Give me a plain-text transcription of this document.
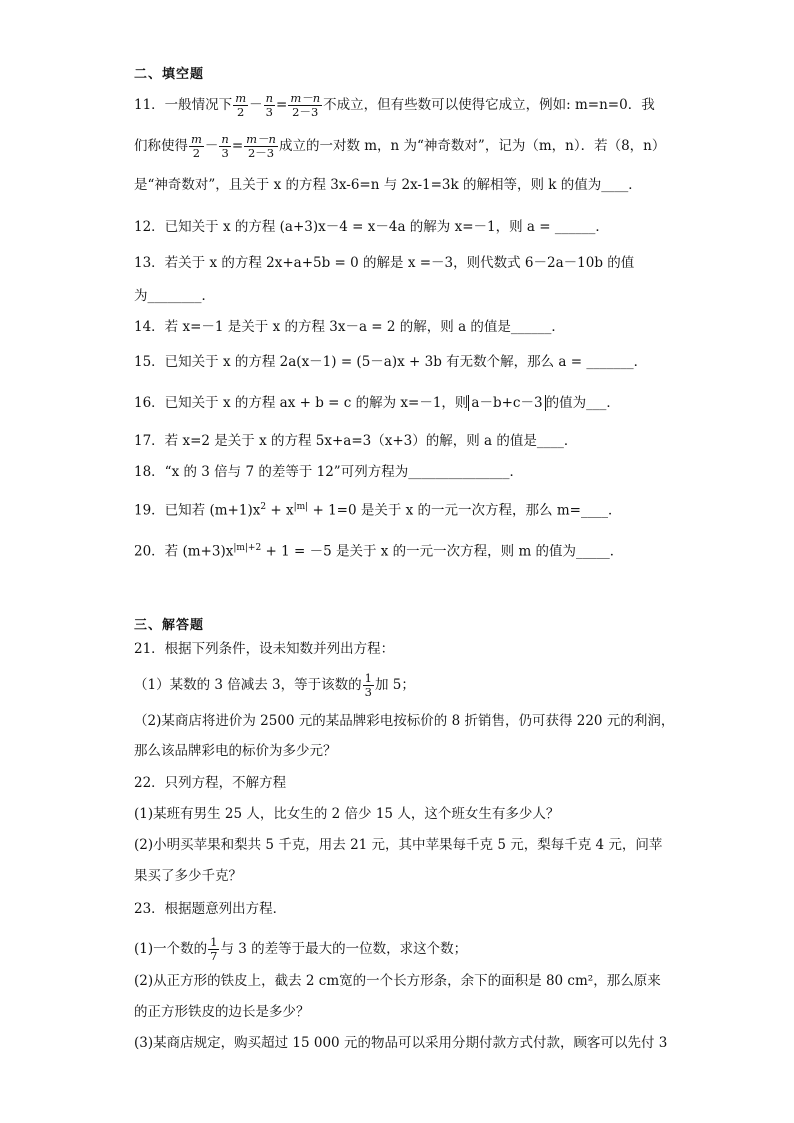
二、填空题
11．一般情况下 $\frac{m}{2} - \frac{n}{3} = \frac{m-n}{2-3}$ 不成立，但有些数可以使得它成立，例如: m=n=0．我
们称使得 $\frac{m}{2} - \frac{n}{3} = \frac{m-n}{2-3}$ 成立的一对数 m，n 为“神奇数对”，记为（m，n）．若（8，n）
是“神奇数对”，且关于 x 的方程 3x-6=n 与 2x-1=3k 的解相等，则 k 的值为____．
12．已知关于 x 的方程 (a+3)x－4 = x－4a 的解为 x=－1，则 a = ______．
13．若关于 x 的方程 2x+a+5b = 0 的解是 x =－3，则代数式 6－2a－10b 的值
为________．
14．若 x=－1 是关于 x 的方程 3x－a = 2 的解，则 a 的值是______．
15．已知关于 x 的方程 2a(x－1) = (5－a)x + 3b 有无数个解，那么 a = _______．
16．已知关于 x 的方程 ax + b = c 的解为 x=－1，则 a－b+c－3 的值为___．
17．若 x=2 是关于 x 的方程 5x+a=3（x+3）的解，则 a 的值是____．
18．“x 的 3 倍与 7 的差等于 12”可列方程为_______________．
19．已知若 $(m+1)x^2 + x^{|m|} + 1=0$ 是关于 x 的一元一次方程，那么 m=____．
20．若 $(m+3)x^{|m|+2} + 1 = -5$ 是关于 x 的一元一次方程，则 m 的值为_____．
三、解答题
21．根据下列条件，设未知数并列出方程：
（1）某数的 3 倍减去 3，等于该数的 $\frac{1}{3}$ 加 5；
（2)某商店将进价为 2500 元的某品牌彩电按标价的 8 折销售，仍可获得 220 元的利润，
那么该品牌彩电的标价为多少元？
22．只列方程，不解方程
(1)某班有男生 25 人，比女生的 2 倍少 15 人，这个班女生有多少人？
(2)小明买苹果和梨共 5 千克，用去 21 元，其中苹果每千克 5 元，梨每千克 4 元，问苹
果买了多少千克？
23．根据题意列出方程．
(1)一个数的 $\frac{1}{7}$ 与 3 的差等于最大的一位数，求这个数；
(2)从正方形的铁皮上，截去 2 cm宽的一个长方形条，余下的面积是 80 cm²，那么原来
的正方形铁皮的边长是多少？
(3)某商店规定，购买超过 15 000 元的物品可以采用分期付款方式付款，顾客可以先付 3
